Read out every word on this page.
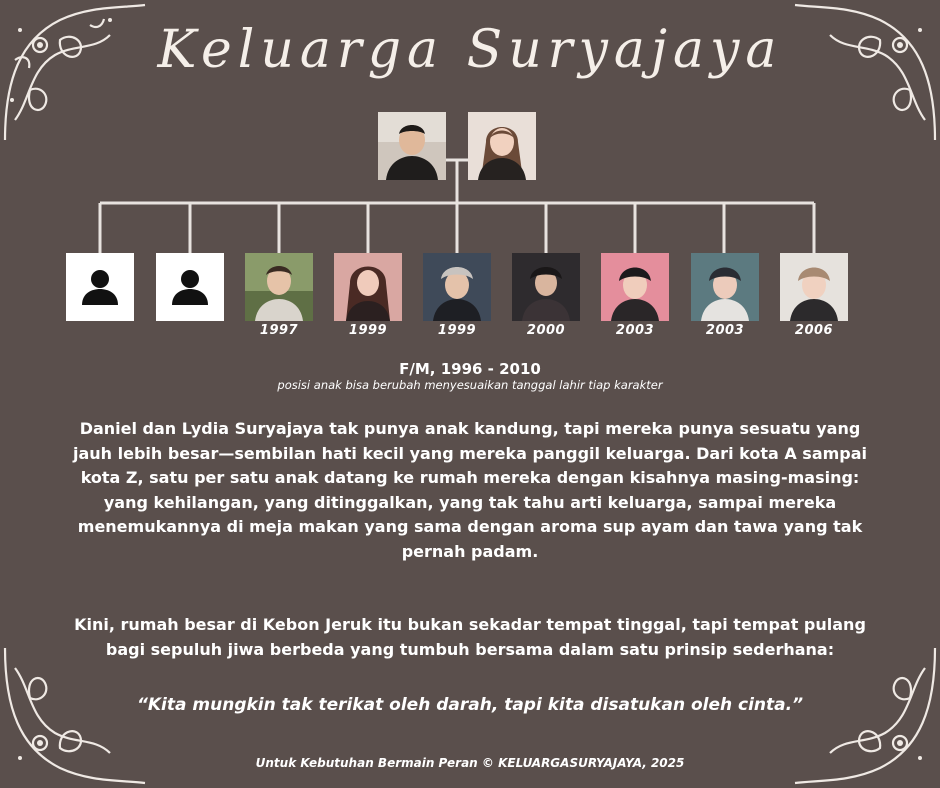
Keluarga Suryajaya
1997	1999	1999	2000	2003	2003	2006
F/M, 1996 - 2010
posisi anak bisa berubah menyesuaikan tanggal lahir tiap karakter
Daniel dan Lydia Suryajaya tak punya anak kandung, tapi mereka punya sesuatu yang jauh lebih besar—sembilan hati kecil yang mereka panggil keluarga. Dari kota A sampai kota Z, satu per satu anak datang ke rumah mereka dengan kisahnya masing-masing: yang kehilangan, yang ditinggalkan, yang tak tahu arti keluarga, sampai mereka menemukannya di meja makan yang sama dengan aroma sup ayam dan tawa yang tak pernah padam.
Kini, rumah besar di Kebon Jeruk itu bukan sekadar tempat tinggal, tapi tempat pulang bagi sepuluh jiwa berbeda yang tumbuh bersama dalam satu prinsip sederhana:
“Kita mungkin tak terikat oleh darah, tapi kita disatukan oleh cinta.”
Untuk Kebutuhan Bermain Peran © KELUARGASURYAJAYA, 2025
